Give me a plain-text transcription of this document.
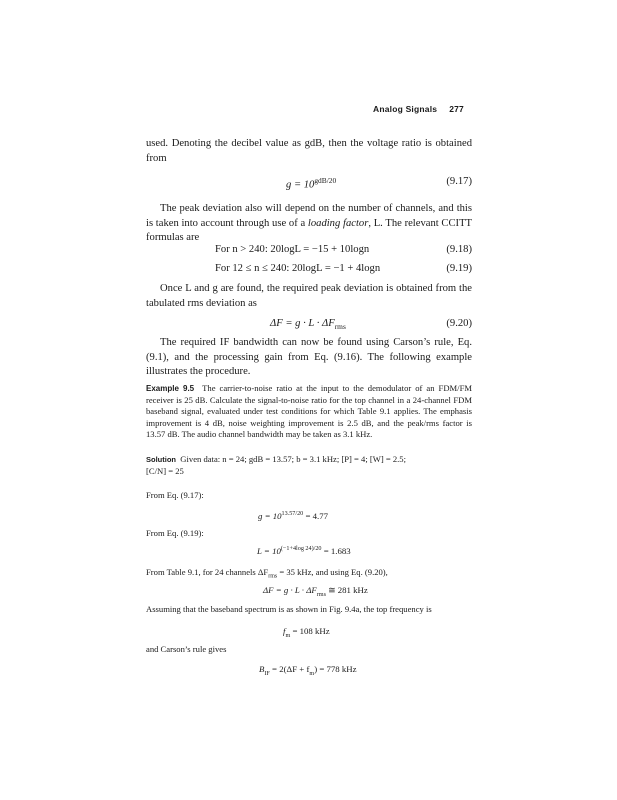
Analog Signals 277
used. Denoting the decibel value as gdB, then the voltage ratio is obtained from
$g = 10^{gdB/20}$	(9.17)
The peak deviation also will depend on the number of channels, and this is taken into account through use of a loading factor, L. The relevant CCITT formulas are
For n > 240: 20logL = −15 + 10logn	(9.18)
For 12 ≤ n ≤ 240: 20logL = −1 + 4logn	(9.19)
Once L and g are found, the required peak deviation is obtained from the tabulated rms deviation as
$\Delta F = g \cdot L \cdot \Delta F_{rms}$	(9.20)
The required IF bandwidth can now be found using Carson’s rule, Eq. (9.1), and the processing gain from Eq. (9.16). The following example illustrates the procedure.
Example 9.5 The carrier-to-noise ratio at the input to the demodulator of an FDM/FM receiver is 25 dB. Calculate the signal-to-noise ratio for the top channel in a 24-channel FDM baseband signal, evaluated under test conditions for which Table 9.1 applies. The emphasis improvement is 4 dB, noise weighting improvement is 2.5 dB, and the peak/rms factor is 13.57 dB. The audio channel bandwidth may be taken as 3.1 kHz.
Solution Given data: n = 24; gdB = 13.57; b = 3.1 kHz; [P] = 4; [W] = 2.5;
[C/N] = 25
From Eq. (9.17):
$g = 10^{13.57/20} = 4.77$
From Eq. (9.19):
$L = 10^{(-1+4log 24)/20} = 1.683$
From Table 9.1, for 24 channels $\Delta F_{rms} = 35$ kHz, and using Eq. (9.20),
$\Delta F = g \cdot L \cdot \Delta F_{rms}$ ≅ 281 kHz
Assuming that the baseband spectrum is as shown in Fig. 9.4a, the top frequency is
$f_m = 108$ kHz
and Carson’s rule gives
$B_{IF} = 2(\Delta F + f_m) = 778$ kHz
